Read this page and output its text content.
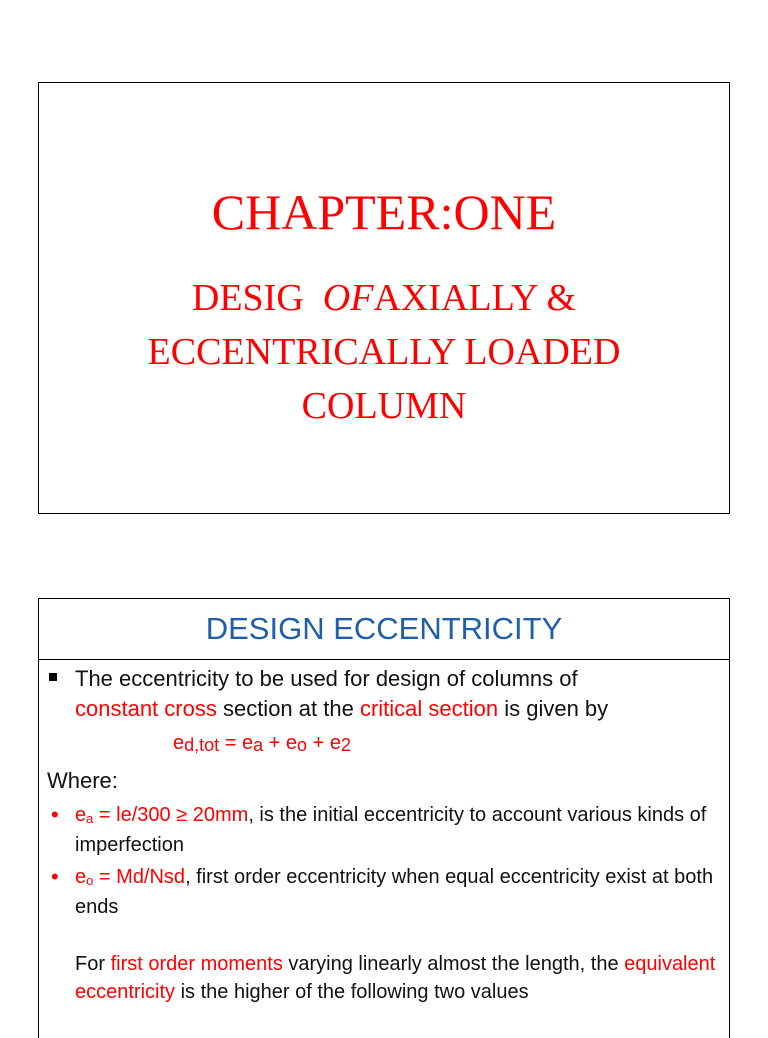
CHAPTER:ONE
DESIG OFAXIALLY &
ECCENTRICALLY LOADED
COLUMN
DESIGN ECCENTRICITY
The eccentricity to be used for design of columns of
constant cross section at the critical section is given by
$e_{d,tot} = e_a + e_o + e_2$
Where:
• $e_a = le/300 \ge 20mm$, is the initial eccentricity to account various kinds of imperfection
• $e_o = Md/Nsd$, first order eccentricity when equal eccentricity exist at both ends
For first order moments varying linearly almost the length, the equivalent eccentricity is the higher of the following two values
